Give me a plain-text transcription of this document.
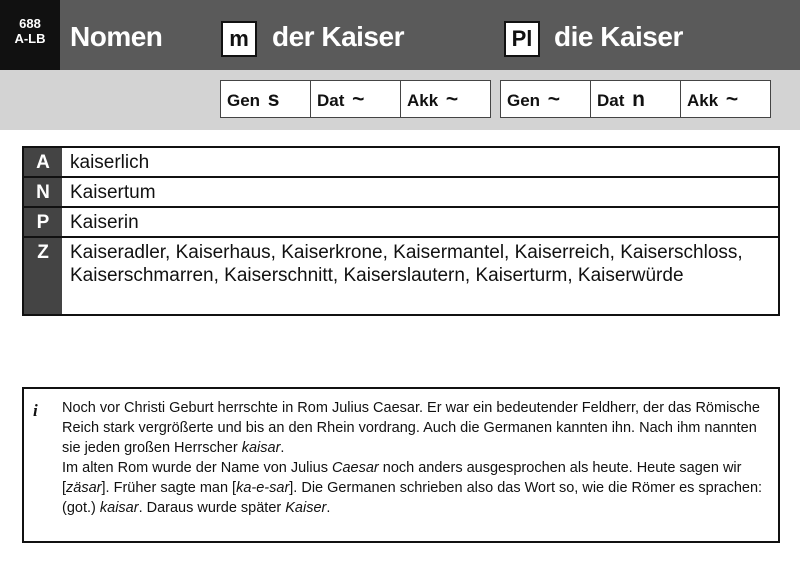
688
A-LB Nomen	m der Kaiser	Pl die Kaiser
Gen s	Dat ~	Akk ~	Gen ~	Dat n	Akk ~
A	kaiserlich
N	Kaisertum
P	Kaiserin
Z	Kaiseradler, Kaiserhaus, Kaiserkrone, Kaisermantel, Kaiserreich, Kaiserschloss, Kaiserschmarren, Kaiserschnitt, Kaiserslautern, Kaiserturm, Kaiserwürde
i Noch vor Christi Geburt herrschte in Rom Julius Caesar. Er war ein bedeutender Feldherr, der das Römische Reich stark vergrößerte und bis an den Rhein vordrang. Auch die Germanen kannten ihn. Nach ihm nannten sie jeden großen Herrscher kaisar.
Im alten Rom wurde der Name von Julius Caesar noch anders ausgesprochen als heute. Heute sagen wir [zäsar]. Früher sagte man [ka-e-sar]. Die Germanen schrieben also das Wort so, wie die Römer es sprachen: (got.) kaisar. Daraus wurde später Kaiser.
